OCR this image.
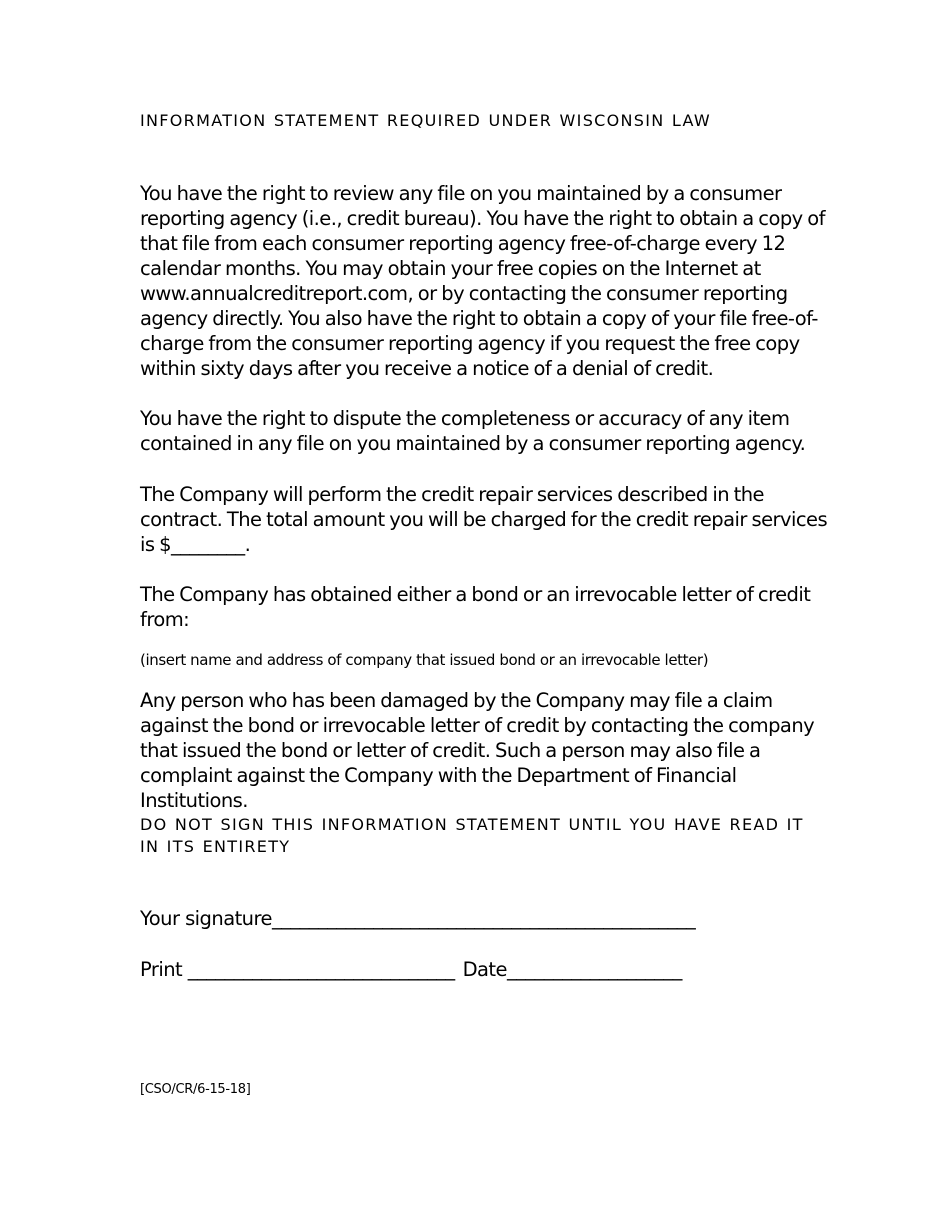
INFORMATION STATEMENT REQUIRED UNDER WISCONSIN LAW

You have the right to review any file on you maintained by a consumer reporting agency (i.e., credit bureau). You have the right to obtain a copy of that file from each consumer reporting agency free-of-charge every 12 calendar months. You may obtain your free copies on the Internet at www.annualcreditreport.com, or by contacting the consumer reporting agency directly. You also have the right to obtain a copy of your file free-of-charge from the consumer reporting agency if you request the free copy within sixty days after you receive a notice of a denial of credit.

You have the right to dispute the completeness or accuracy of any item contained in any file on you maintained by a consumer reporting agency.

The Company will perform the credit repair services described in the contract. The total amount you will be charged for the credit repair services is $________.

The Company has obtained either a bond or an irrevocable letter of credit from:

(insert name and address of company that issued bond or an irrevocable letter)

Any person who has been damaged by the Company may file a claim against the bond or irrevocable letter of credit by contacting the company that issued the bond or letter of credit. Such a person may also file a complaint against the Company with the Department of Financial Institutions.

DO NOT SIGN THIS INFORMATION STATEMENT UNTIL YOU HAVE READ IT IN ITS ENTIRETY

Your signature______________________________________________
Print _____________________________ Date___________________
[CSO/CR/6-15-18]
